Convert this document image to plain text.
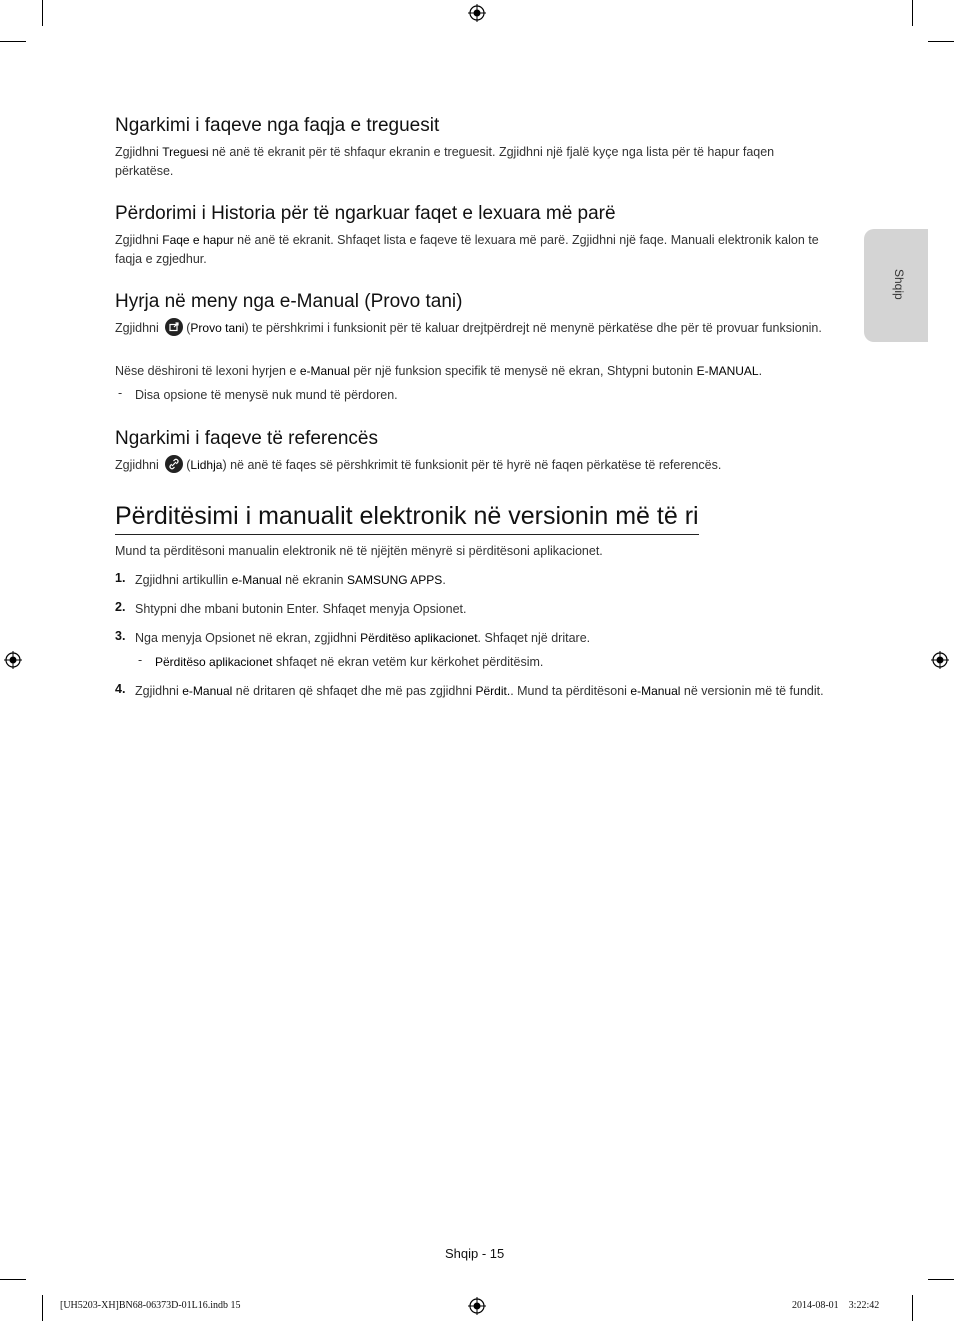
Shqip
Ngarkimi i faqeve nga faqja e treguesit

Zgjidhni Treguesi në anë të ekranit për të shfaqur ekranin e treguesit. Zgjidhni një fjalë kyçe nga lista për të hapur faqen përkatëse.

Përdorimi i Historia për të ngarkuar faqet e lexuara më parë

Zgjidhni Faqe e hapur në anë të ekranit. Shfaqet lista e faqeve të lexuara më parë. Zgjidhni një faqe. Manuali elektronik kalon te faqja e zgjedhur.

Hyrja në meny nga e-Manual (Provo tani)

Zgjidhni
(Provo tani) te përshkrimi i funksionit për të kaluar drejtpërdrejt në menynë përkatëse dhe për të provuar funksionin.

Nëse dëshironi të lexoni hyrjen e e-Manual për një funksion specifik të menysë në ekran, Shtypni butonin E-MANUAL.

- Disa opsione të menysë nuk mund të përdoren.

Ngarkimi i faqeve të referencës

Zgjidhni
(Lidhja) në anë të faqes së përshkrimit të funksionit për të hyrë në faqen përkatëse të referencës.

Përditësimi i manualit elektronik në versionin më të ri

Mund ta përditësoni manualin elektronik në të njëjtën mënyrë si përditësoni aplikacionet.

1. Zgjidhni artikullin e-Manual në ekranin SAMSUNG APPS.
2. Shtypni dhe mbani butonin Enter. Shfaqet menyja Opsionet.
3. Nga menyja Opsionet në ekran, zgjidhni Përditëso aplikacionet. Shfaqet një dritare.
- Përditëso aplikacionet shfaqet në ekran vetëm kur kërkohet përditësim.
4. Zgjidhni e-Manual në dritaren që shfaqet dhe më pas zgjidhni Përdit.. Mund ta përditësoni e-Manual në versionin më të fundit.
Shqip - 15
[UH5203-XH]BN68-06373D-01L16.indb 15	2014-08-01   3:22:42
